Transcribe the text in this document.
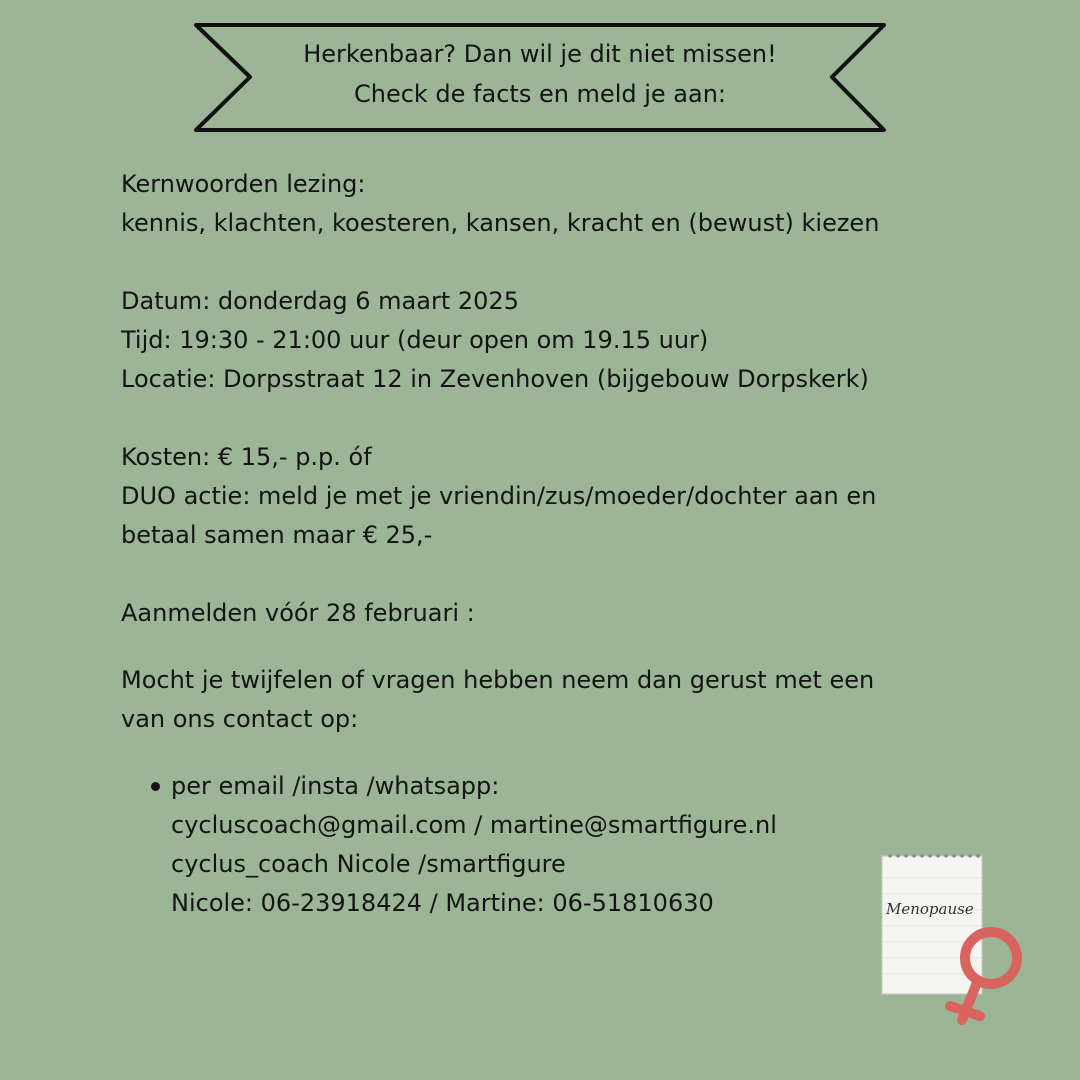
Herkenbaar? Dan wil je dit niet missen!
Check de facts en meld je aan:

Kernwoorden lezing:

kennis, klachten, koesteren, kansen, kracht en (bewust) kiezen

Datum: donderdag 6 maart 2025

Tijd: 19:30 - 21:00 uur (deur open om 19.15 uur)

Locatie: Dorpsstraat 12 in Zevenhoven (bijgebouw Dorpskerk)

Kosten: € 15,- p.p. óf

DUO actie: meld je met je vriendin/zus/moeder/dochter aan en

betaal samen maar € 25,-

Aanmelden vóór 28 februari :

Mocht je twijfelen of vragen hebben neem dan gerust met een

van ons contact op:

per email /insta /whatsapp:
cycluscoach@gmail.com / martine@smartfigure.nl
cyclus_coach Nicole /smartfigure
Nicole: 06-23918424 / Martine: 06-51810630	Menopause
